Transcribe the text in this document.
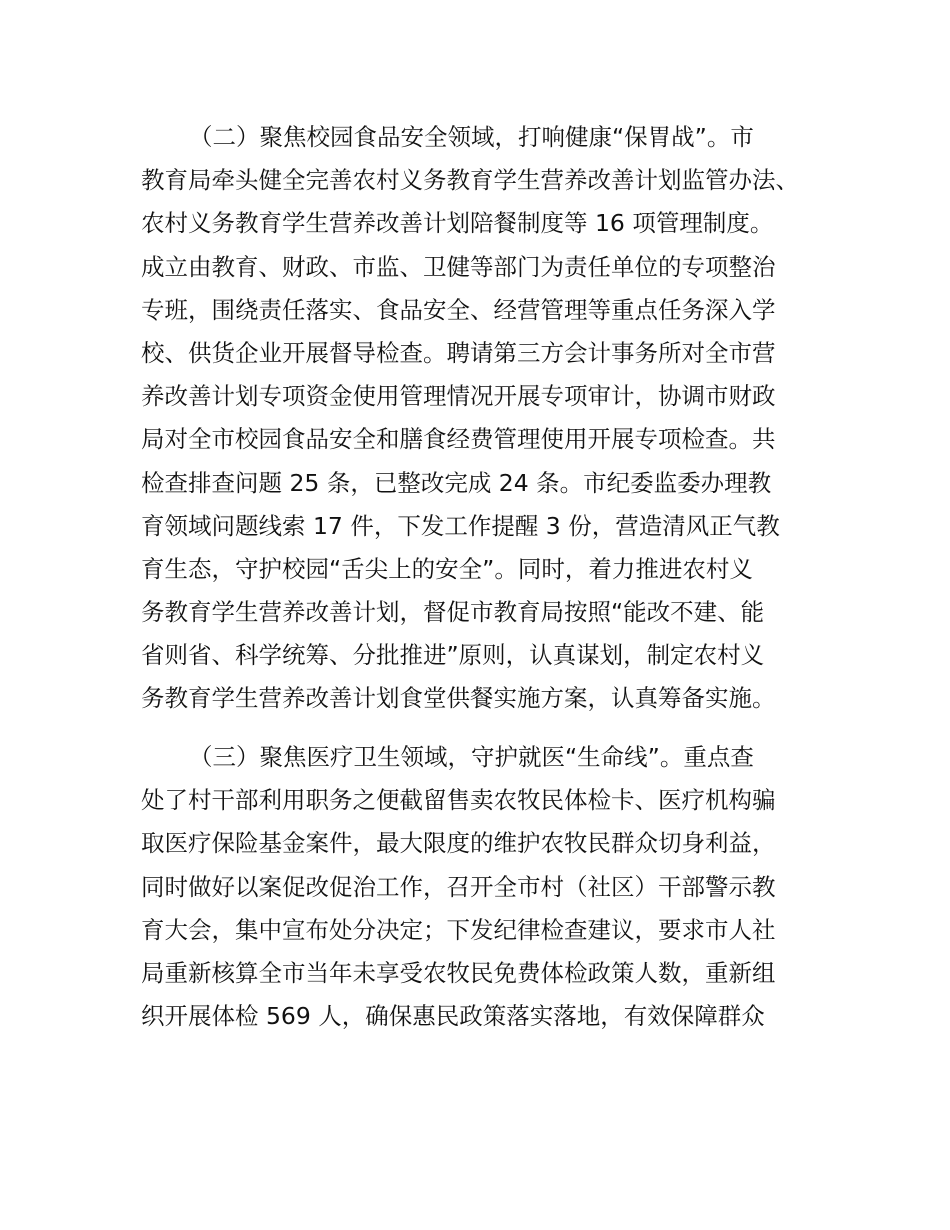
（二）聚焦校园食品安全领域，打响健康“保胃战”。市
教育局牵头健全完善农村义务教育学生营养改善计划监管办法、
农村义务教育学生营养改善计划陪餐制度等 16 项管理制度。
成立由教育、财政、市监、卫健等部门为责任单位的专项整治
专班，围绕责任落实、食品安全、经营管理等重点任务深入学
校、供货企业开展督导检查。聘请第三方会计事务所对全市营
养改善计划专项资金使用管理情况开展专项审计，协调市财政
局对全市校园食品安全和膳食经费管理使用开展专项检查。共
检查排查问题 25 条，已整改完成 24 条。市纪委监委办理教
育领域问题线索 17 件，下发工作提醒 3 份，营造清风正气教
育生态，守护校园“舌尖上的安全”。同时，着力推进农村义
务教育学生营养改善计划，督促市教育局按照“能改不建、能
省则省、科学统筹、分批推进”原则，认真谋划，制定农村义
务教育学生营养改善计划食堂供餐实施方案，认真筹备实施。
（三）聚焦医疗卫生领域，守护就医“生命线”。重点查
处了村干部利用职务之便截留售卖农牧民体检卡、医疗机构骗
取医疗保险基金案件，最大限度的维护农牧民群众切身利益，
同时做好以案促改促治工作，召开全市村（社区）干部警示教
育大会，集中宣布处分决定；下发纪律检查建议，要求市人社
局重新核算全市当年未享受农牧民免费体检政策人数，重新组
织开展体检 569 人，确保惠民政策落实落地，有效保障群众
